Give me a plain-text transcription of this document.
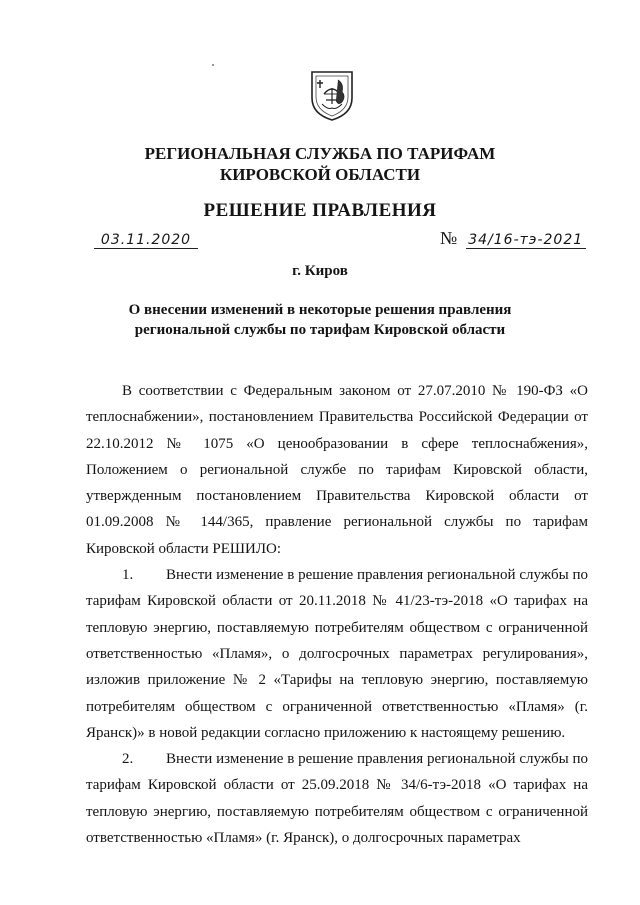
РЕГИОНАЛЬНАЯ СЛУЖБА ПО ТАРИФАМ
КИРОВСКОЙ ОБЛАСТИ
РЕШЕНИЕ ПРАВЛЕНИЯ
03.11.2020	№ 34/16-тэ-2021
г. Киров
О внесении изменений в некоторые решения правления
региональной службы по тарифам Кировской области

В соответствии с Федеральным законом от 27.07.2010 № 190-ФЗ «О теплоснабжении», постановлением Правительства Российской Федерации от 22.10.2012 № 1075 «О ценообразовании в сфере теплоснабжения», Положением о региональной службе по тарифам Кировской области, утвержденным постановлением Правительства Кировской области от 01.09.2008 № 144/365, правление региональной службы по тарифам Кировской области РЕШИЛО:

1. Внести изменение в решение правления региональной службы по тарифам Кировской области от 20.11.2018 № 41/23-тэ-2018 «О тарифах на тепловую энергию, поставляемую потребителям обществом с ограниченной ответственностью «Пламя», о долгосрочных параметрах регулирования», изложив приложение № 2 «Тарифы на тепловую энергию, поставляемую потребителям обществом с ограниченной ответственностью «Пламя» (г. Яранск)» в новой редакции согласно приложению к настоящему решению.

2. Внести изменение в решение правления региональной службы по тарифам Кировской области от 25.09.2018 № 34/6-тэ-2018 «О тарифах на тепловую энергию, поставляемую потребителям обществом с ограниченной ответственностью «Пламя» (г. Яранск), о долгосрочных параметрах
